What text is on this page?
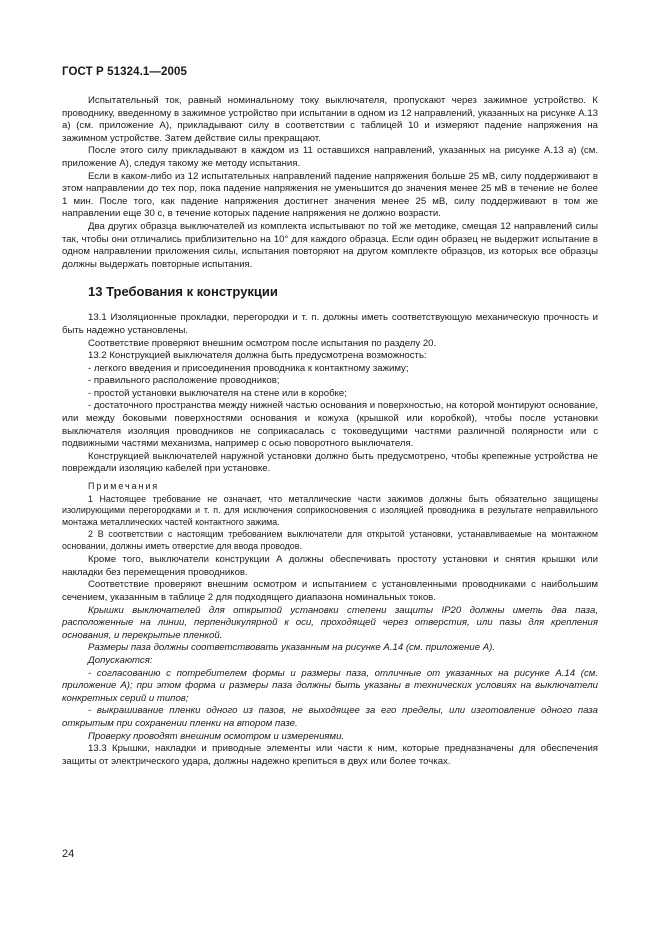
ГОСТ Р 51324.1—2005

Испытательный ток, равный номинальному току выключателя, пропускают через зажимное устройство. К проводнику, введенному в зажимное устройство при испытании в одном из 12 направлений, указанных на рисунке А.13 а) (см. приложение А), прикладывают силу в соответствии с таблицей 10 и измеряют падение напряжения на зажимном устройстве. Затем действие силы прекращают.

После этого силу прикладывают в каждом из 11 оставшихся направлений, указанных на рисунке А.13 а) (см. приложение А), следуя такому же методу испытания.

Если в каком-либо из 12 испытательных направлений падение напряжения больше 25 мВ, силу поддерживают в этом направлении до тех пор, пока падение напряжения не уменьшится до значения менее 25 мВ в течение не более 1 мин. После того, как падение напряжения достигнет значения менее 25 мВ, силу поддерживают в том же направлении еще 30 с, в течение которых падение напряжения не должно возрасти.

Два других образца выключателей из комплекта испытывают по той же методике, смещая 12 направлений силы так, чтобы они отличались приблизительно на 10° для каждого образца. Если один образец не выдержит испытание в одном направлении приложения силы, испытания повторяют на другом комплекте образцов, из которых все образцы должны выдержать повторные испытания.

13 Требования к конструкции

13.1 Изоляционные прокладки, перегородки и т. п. должны иметь соответствующую механическую прочность и быть надежно установлены.

Соответствие проверяют внешним осмотром после испытания по разделу 20.

13.2 Конструкцией выключателя должна быть предусмотрена возможность:

- легкого введения и присоединения проводника к контактному зажиму;

- правильного расположение проводников;

- простой установки выключателя на стене или в коробке;

- достаточного пространства между нижней частью основания и поверхностью, на которой монтируют основание, или между боковыми поверхностями основания и кожуха (крышкой или коробкой), чтобы после установки выключателя изоляция проводников не соприкасалась с токоведущими частями различной полярности или с подвижными частями механизма, например с осью поворотного выключателя.

Конструкцией выключателей наружной установки должно быть предусмотрено, чтобы крепежные устройства не повреждали изоляцию кабелей при установке.

Примечания

1 Настоящее требование не означает, что металлические части зажимов должны быть обязательно защищены изолирующими перегородками и т. п. для исключения соприкосновения с изоляцией проводника в результате неправильного монтажа металлических частей контактного зажима.

2 В соответствии с настоящим требованием выключатели для открытой установки, устанавливаемые на монтажном основании, должны иметь отверстие для ввода проводов.

Кроме того, выключатели конструкции А должны обеспечивать простоту установки и снятия крышки или накладки без перемещения проводников.

Соответствие проверяют внешним осмотром и испытанием с установленными проводниками с наибольшим сечением, указанным в таблице 2 для подходящего диапазона номинальных токов.

Крышки выключателей для открытой установки степени защиты IP20 должны иметь два паза, расположенные на линии, перпендикулярной к оси, проходящей через отверстия, или пазы для крепления основания, и перекрытые пленкой.

Размеры паза должны соответствовать указанным на рисунке А.14 (см. приложение А).

Допускаются:

- согласованию с потребителем формы и размеры паза, отличные от указанных на рисунке А.14 (см. приложение А); при этом форма и размеры паза должны быть указаны в технических условиях на выключатели конкретных серий и типов;

- выкрашивание пленки одного из пазов, не выходящее за его пределы, или изготовление одного паза открытым при сохранении пленки на втором пазе.

Проверку проводят внешним осмотром и измерениями.

13.3 Крышки, накладки и приводные элементы или части к ним, которые предназначены для обеспечения защиты от электрического удара, должны надежно крепиться в двух или более точках.

24
